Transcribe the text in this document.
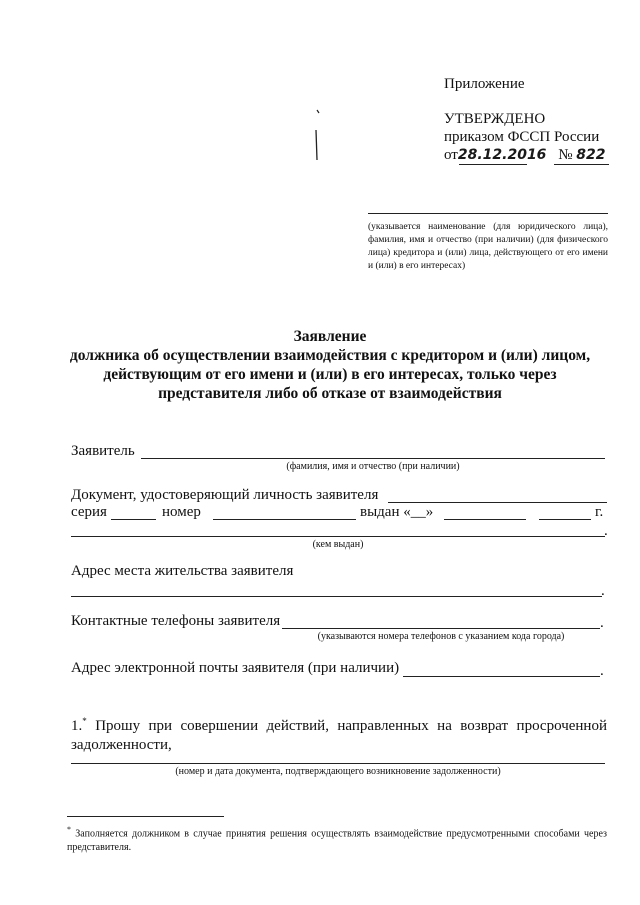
Приложение
УТВЕРЖДЕНО
приказом ФССП России
от28.12.2016 № 822
(указывается наименование (для юридического лица), фамилия, имя и отчество (при наличии) (для физического лица) кредитора и (или) лица, действующего от его имени и (или) в его интересах)
Заявление
должника об осуществлении взаимодействия с кредитором и (или) лицом,
действующим от его имени и (или) в его интересах, только через
представителя либо об отказе от взаимодействия
Заявитель
(фамилия, имя и отчество (при наличии)
Документ, удостоверяющий личность заявителя
серия	номер	выдан «__»	г.
.
(кем выдан)
Адрес места жительства заявителя
.
Контактные телефоны заявителя	.
(указываются номера телефонов с указанием кода города)
Адрес электронной почты заявителя (при наличии)	.
1.* Прошу при совершении действий, направленных на возврат просроченной задолженности,
(номер и дата документа, подтверждающего возникновение задолженности)
* Заполняется должником в случае принятия решения осуществлять взаимодействие предусмотренными способами через представителя.
